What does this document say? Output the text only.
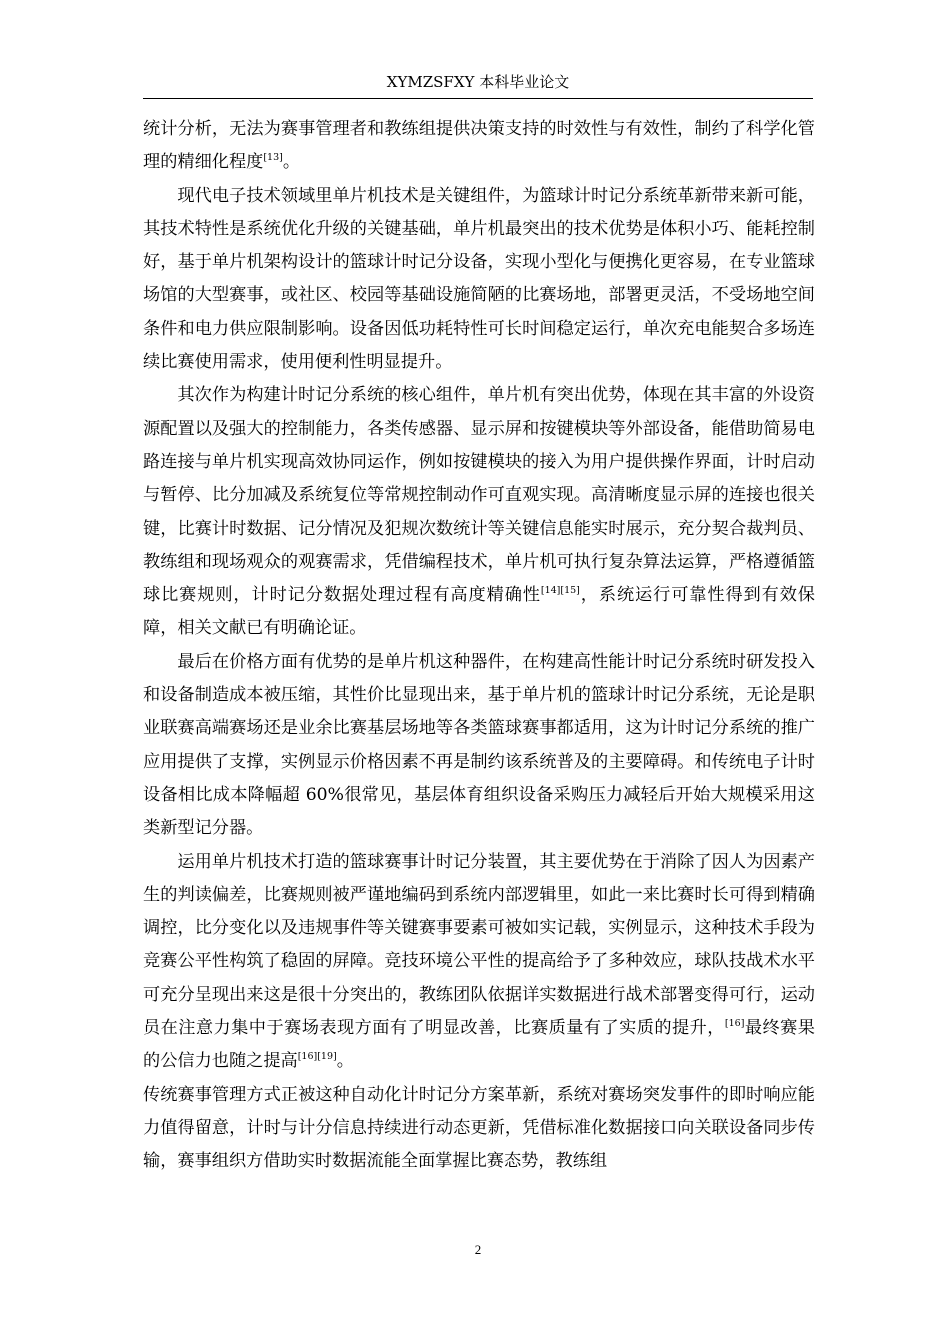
XYMZSFXY 本科毕业论文

统计分析，无法为赛事管理者和教练组提供决策支持的时效性与有效性，制约了科学化管理的精细化程度[13]。

现代电子技术领域里单片机技术是关键组件，为篮球计时记分系统革新带来新可能，其技术特性是系统优化升级的关键基础，单片机最突出的技术优势是体积小巧、能耗控制好，基于单片机架构设计的篮球计时记分设备，实现小型化与便携化更容易，在专业篮球场馆的大型赛事，或社区、校园等基础设施简陋的比赛场地，部署更灵活，不受场地空间条件和电力供应限制影响。设备因低功耗特性可长时间稳定运行，单次充电能契合多场连续比赛使用需求，使用便利性明显提升。

其次作为构建计时记分系统的核心组件，单片机有突出优势，体现在其丰富的外设资源配置以及强大的控制能力，各类传感器、显示屏和按键模块等外部设备，能借助简易电路连接与单片机实现高效协同运作，例如按键模块的接入为用户提供操作界面，计时启动与暂停、比分加减及系统复位等常规控制动作可直观实现。高清晰度显示屏的连接也很关键，比赛计时数据、记分情况及犯规次数统计等关键信息能实时展示，充分契合裁判员、教练组和现场观众的观赛需求，凭借编程技术，单片机可执行复杂算法运算，严格遵循篮球比赛规则，计时记分数据处理过程有高度精确性[14][15]，系统运行可靠性得到有效保障，相关文献已有明确论证。

最后在价格方面有优势的是单片机这种器件，在构建高性能计时记分系统时研发投入和设备制造成本被压缩，其性价比显现出来，基于单片机的篮球计时记分系统，无论是职业联赛高端赛场还是业余比赛基层场地等各类篮球赛事都适用，这为计时记分系统的推广应用提供了支撑，实例显示价格因素不再是制约该系统普及的主要障碍。和传统电子计时设备相比成本降幅超 60%很常见，基层体育组织设备采购压力减轻后开始大规模采用这类新型记分器。

运用单片机技术打造的篮球赛事计时记分装置，其主要优势在于消除了因人为因素产生的判读偏差，比赛规则被严谨地编码到系统内部逻辑里，如此一来比赛时长可得到精确调控，比分变化以及违规事件等关键赛事要素可被如实记载，实例显示，这种技术手段为竞赛公平性构筑了稳固的屏障。竞技环境公平性的提高给予了多种效应，球队技战术水平可充分呈现出来这是很十分突出的，教练团队依据详实数据进行战术部署变得可行，运动员在注意力集中于赛场表现方面有了明显改善，比赛质量有了实质的提升，[16]最终赛果的公信力也随之提高[16][19]。

传统赛事管理方式正被这种自动化计时记分方案革新，系统对赛场突发事件的即时响应能力值得留意，计时与计分信息持续进行动态更新，凭借标准化数据接口向关联设备同步传输，赛事组织方借助实时数据流能全面掌握比赛态势，教练组

2
